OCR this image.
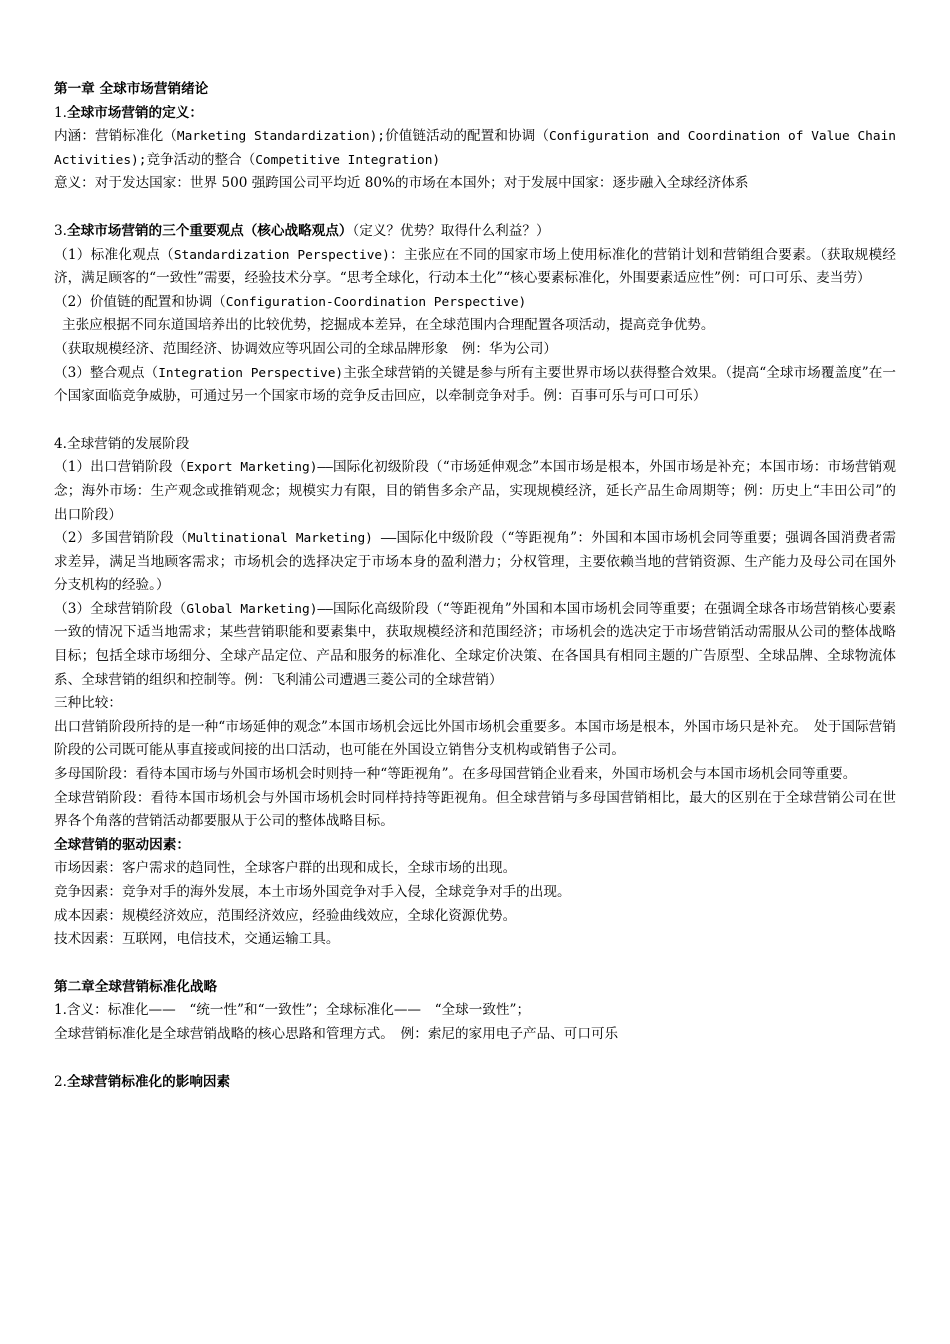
第一章 全球市场营销绪论

1.全球市场营销的定义：

内涵：营销标准化（Marketing Standardization);价值链活动的配置和协调（Configuration and Coordination of Value Chain Activities);竞争活动的整合（Competitive Integration)

意义：对于发达国家：世界 500 强跨国公司平均近 80%的市场在本国外；对于发展中国家：逐步融入全球经济体系

3.全球市场营销的三个重要观点（核心战略观点）（定义？优势？取得什么利益？）

（1）标准化观点（Standardization Perspective)：主张应在不同的国家市场上使用标准化的营销计划和营销组合要素。（获取规模经济，满足顾客的“一致性”需要，经验技术分享。“思考全球化，行动本土化”“核心要素标准化，外围要素适应性”例：可口可乐、麦当劳）

（2）价值链的配置和协调（Configuration-Coordination Perspective)

主张应根据不同东道国培养出的比较优势，挖掘成本差异，在全球范围内合理配置各项活动，提高竞争优势。

（获取规模经济、范围经济、协调效应等巩固公司的全球品牌形象　例：华为公司）

（3）整合观点（Integration Perspective)主张全球营销的关键是参与所有主要世界市场以获得整合效果。（提高“全球市场覆盖度”在一个国家面临竞争威胁，可通过另一个国家市场的竞争反击回应，以牵制竞争对手。例：百事可乐与可口可乐）

4.全球营销的发展阶段

（1）出口营销阶段（Export Marketing)——国际化初级阶段（“市场延伸观念”本国市场是根本，外国市场是补充；本国市场：市场营销观念；海外市场：生产观念或推销观念；规模实力有限，目的销售多余产品，实现规模经济，延长产品生命周期等；例：历史上“丰田公司”的出口阶段）

（2）多国营销阶段（Multinational Marketing) ——国际化中级阶段（“等距视角”：外国和本国市场机会同等重要；强调各国消费者需求差异，满足当地顾客需求；市场机会的选择决定于市场本身的盈利潜力；分权管理，主要依赖当地的营销资源、生产能力及母公司在国外分支机构的经验。）

（3）全球营销阶段（Global Marketing)——国际化高级阶段（“等距视角”外国和本国市场机会同等重要；在强调全球各市场营销核心要素一致的情况下适当地需求；某些营销职能和要素集中，获取规模经济和范围经济；市场机会的选决定于市场营销活动需服从公司的整体战略目标；包括全球市场细分、全球产品定位、产品和服务的标准化、全球定价决策、在各国具有相同主题的广告原型、全球品牌、全球物流体系、全球营销的组织和控制等。例：飞利浦公司遭遇三菱公司的全球营销）

三种比较：

出口营销阶段所持的是一种“市场延伸的观念”本国市场机会远比外国市场机会重要多。本国市场是根本，外国市场只是补充。　处于国际营销阶段的公司既可能从事直接或间接的出口活动，也可能在外国设立销售分支机构或销售子公司。

多母国阶段：看待本国市场与外国市场机会时则持一种“等距视角”。在多母国营销企业看来，外国市场机会与本国市场机会同等重要。

全球营销阶段：看待本国市场机会与外国市场机会时同样持持等距视角。但全球营销与多母国营销相比，最大的区别在于全球营销公司在世界各个角落的营销活动都要服从于公司的整体战略目标。

全球营销的驱动因素：

市场因素：客户需求的趋同性，全球客户群的出现和成长，全球市场的出现。

竞争因素：竞争对手的海外发展，本土市场外国竞争对手入侵，全球竞争对手的出现。

成本因素：规模经济效应，范围经济效应，经验曲线效应，全球化资源优势。

技术因素：互联网，电信技术，交通运输工具。

第二章全球营销标准化战略

1.含义：标准化——　“统一性”和“一致性”；全球标准化——　“全球一致性”；

全球营销标准化是全球营销战略的核心思路和管理方式。　例：索尼的家用电子产品、可口可乐

2.全球营销标准化的影响因素
